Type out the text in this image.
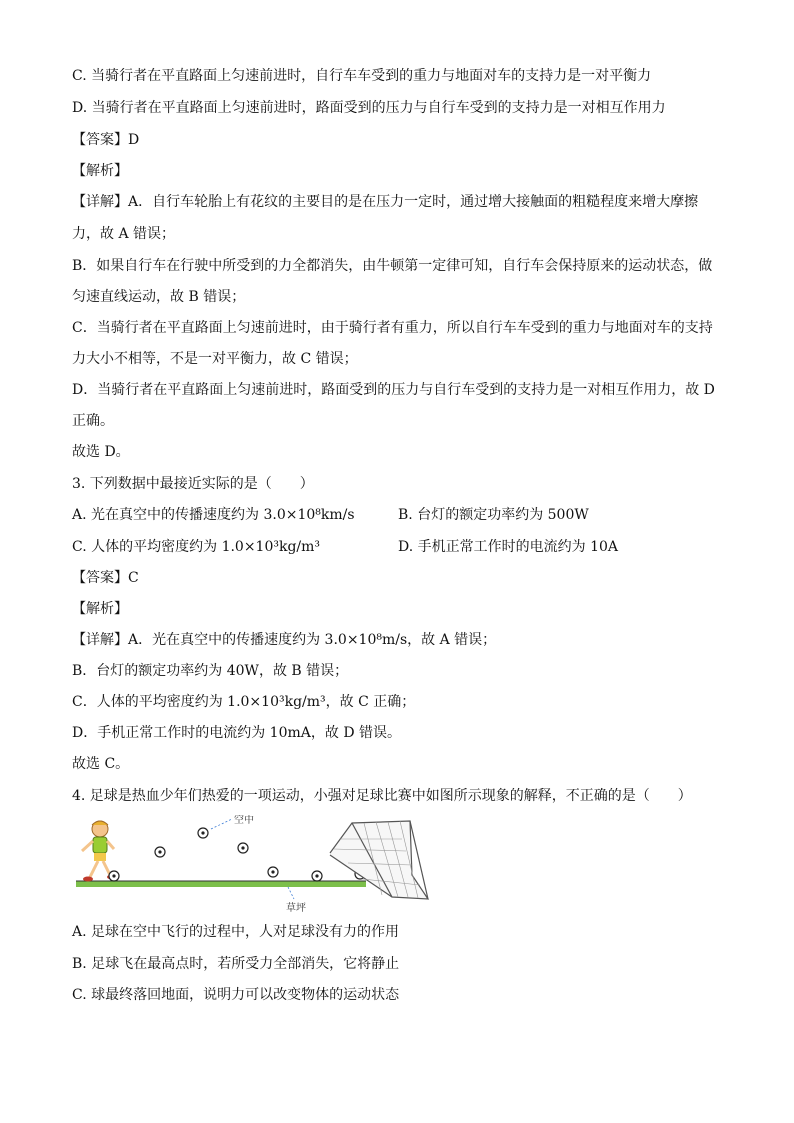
C. 当骑行者在平直路面上匀速前进时，自行车车受到的重力与地面对车的支持力是一对平衡力
D. 当骑行者在平直路面上匀速前进时，路面受到的压力与自行车受到的支持力是一对相互作用力
【答案】D
【解析】
【详解】A．自行车轮胎上有花纹的主要目的是在压力一定时，通过增大接触面的粗糙程度来增大摩擦
力，故 A 错误；
B．如果自行车在行驶中所受到的力全都消失，由牛顿第一定律可知，自行车会保持原来的运动状态，做
匀速直线运动，故 B 错误；
C．当骑行者在平直路面上匀速前进时，由于骑行者有重力，所以自行车车受到的重力与地面对车的支持
力大小不相等，不是一对平衡力，故 C 错误；
D．当骑行者在平直路面上匀速前进时，路面受到的压力与自行车受到的支持力是一对相互作用力，故 D
正确。
故选 D。
3. 下列数据中最接近实际的是（　　）
A. 光在真空中的传播速度约为 3.0×10⁸km/s	B. 台灯的额定功率约为 500W
C. 人体的平均密度约为 1.0×10³kg/m³	D. 手机正常工作时的电流约为 10A
【答案】C
【解析】
【详解】A．光在真空中的传播速度约为 3.0×10⁸m/s，故 A 错误；
B．台灯的额定功率约为 40W，故 B 错误；
C．人体的平均密度约为 1.0×10³kg/m³，故 C 正确；
D．手机正常工作时的电流约为 10mA，故 D 错误。
故选 C。
4. 足球是热血少年们热爱的一项运动，小强对足球比赛中如图所示现象的解释，不正确的是（　　）
空中
草坪
A. 足球在空中飞行的过程中，人对足球没有力的作用
B. 足球飞在最高点时，若所受力全部消失，它将静止
C. 球最终落回地面，说明力可以改变物体的运动状态
